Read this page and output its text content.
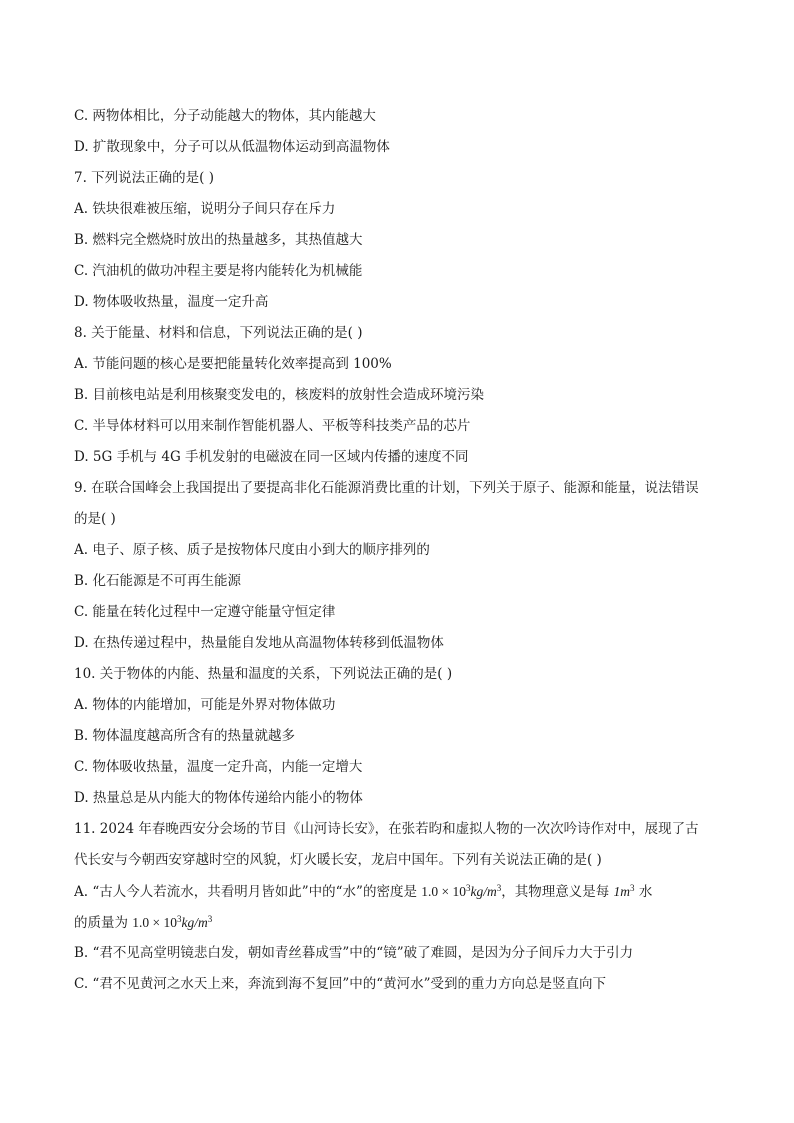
C. 两物体相比，分子动能越大的物体，其内能越大
D. 扩散现象中，分子可以从低温物体运动到高温物体
7. 下列说法正确的是( )
A. 铁块很难被压缩，说明分子间只存在斥力
B. 燃料完全燃烧时放出的热量越多，其热值越大
C. 汽油机的做功冲程主要是将内能转化为机械能
D. 物体吸收热量，温度一定升高
8. 关于能量、材料和信息，下列说法正确的是( )
A. 节能问题的核心是要把能量转化效率提高到 100%
B. 目前核电站是利用核聚变发电的，核废料的放射性会造成环境污染
C. 半导体材料可以用来制作智能机器人、平板等科技类产品的芯片
D. 5G 手机与 4G 手机发射的电磁波在同一区域内传播的速度不同
9. 在联合国峰会上我国提出了要提高非化石能源消费比重的计划，下列关于原子、能源和能量，说法错误
的是( )
A. 电子、原子核、质子是按物体尺度由小到大的顺序排列的
B. 化石能源是不可再生能源
C. 能量在转化过程中一定遵守能量守恒定律
D. 在热传递过程中，热量能自发地从高温物体转移到低温物体
10. 关于物体的内能、热量和温度的关系，下列说法正确的是( )
A. 物体的内能增加，可能是外界对物体做功
B. 物体温度越高所含有的热量就越多
C. 物体吸收热量，温度一定升高，内能一定增大
D. 热量总是从内能大的物体传递给内能小的物体
11. 2024 年春晚西安分会场的节目《山河诗长安》，在张若昀和虚拟人物的一次次吟诗作对中，展现了古
代长安与今朝西安穿越时空的风貌，灯火暖长安，龙启中国年。下列有关说法正确的是( )
A. “古人今人若流水，共看明月皆如此”中的“水”的密度是 $1.0 \times 10^3kg/m^3$，其物理意义是每 $1m^3$ 水
的质量为 $1.0 \times 10^3kg/m^3$
B. “君不见高堂明镜悲白发，朝如青丝暮成雪”中的“镜”破了难圆，是因为分子间斥力大于引力
C. “君不见黄河之水天上来，奔流到海不复回”中的“黄河水”受到的重力方向总是竖直向下
